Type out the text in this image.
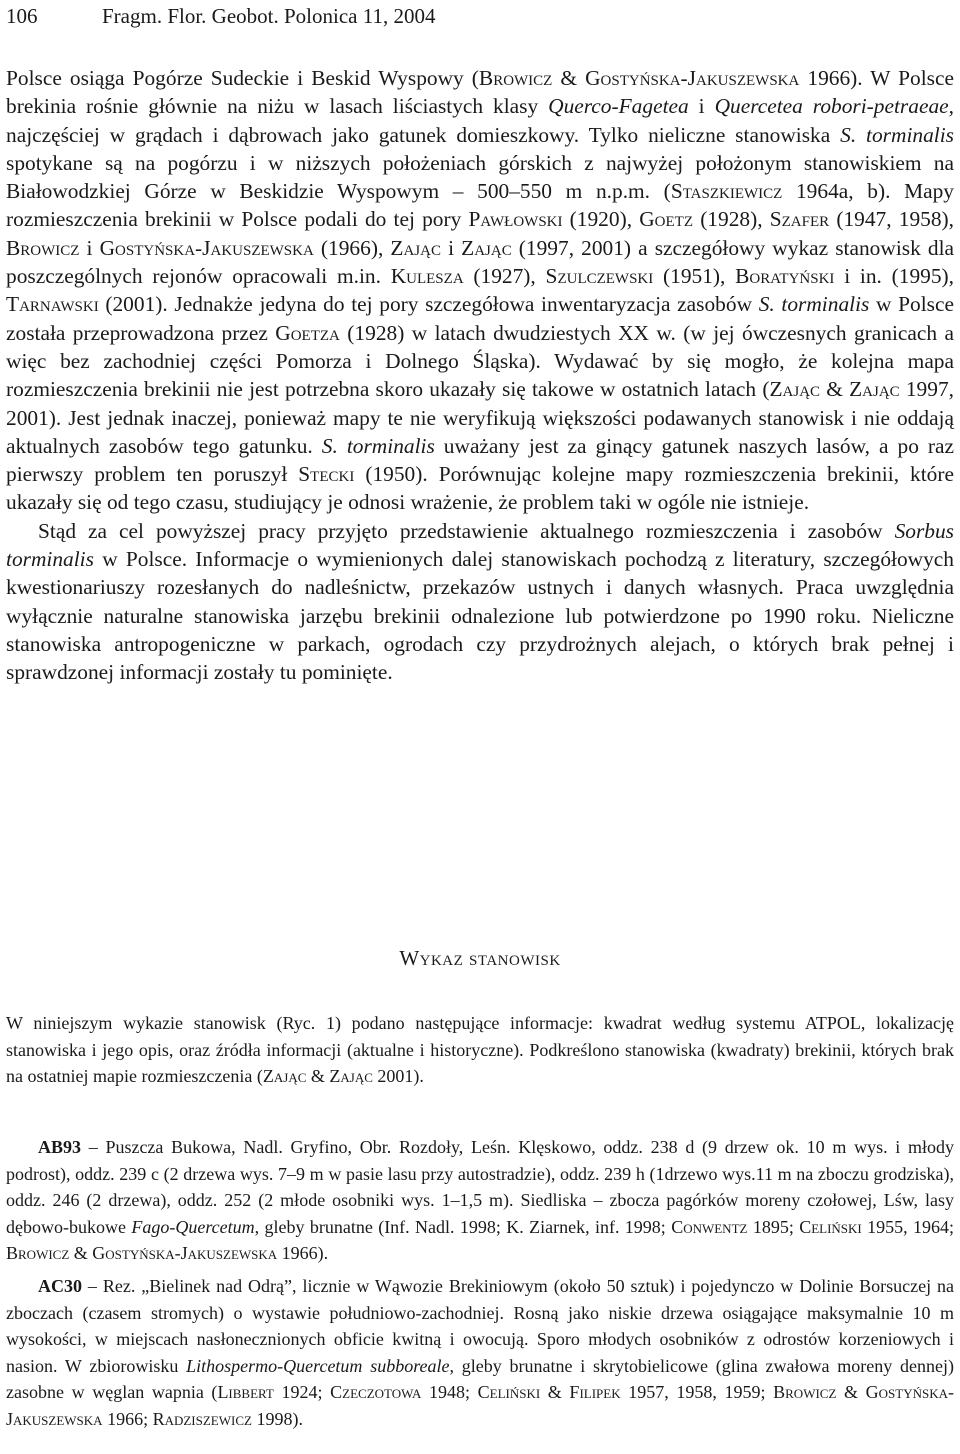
106	Fragm. Flor. Geobot. Polonica 11, 2004

Polsce osiąga Pogórze Sudeckie i Beskid Wyspowy (Browicz & Gostyńska-Jakuszewska 1966). W Polsce brekinia rośnie głównie na niżu w lasach liściastych klasy Querco-Fagetea i Quercetea robori-petraeae, najczęściej w grądach i dąbrowach jako gatunek domieszkowy. Tylko nieliczne stanowiska S. torminalis spotykane są na pogórzu i w niższych położeniach górskich z najwyżej położonym stanowiskiem na Białowodzkiej Górze w Beskidzie Wyspowym – 500–550 m n.p.m. (Staszkiewicz 1964a, b). Mapy rozmieszczenia brekinii w Polsce podali do tej pory Pawłowski (1920), Goetz (1928), Szafer (1947, 1958), Browicz i Gostyńska-Jakuszewska (1966), Zając i Zając (1997, 2001) a szczegółowy wykaz stanowisk dla poszczególnych rejonów opracowali m.in. Kulesza (1927), Szulczewski (1951), Boratyński i in. (1995), Tarnawski (2001). Jednakże jedyna do tej pory szczegółowa inwentaryzacja zasobów S. torminalis w Polsce została przeprowadzona przez Goetza (1928) w latach dwudziestych XX w. (w jej ówczesnych granicach a więc bez zachodniej części Pomorza i Dolnego Śląska). Wydawać by się mogło, że kolejna mapa rozmieszczenia brekinii nie jest potrzebna skoro ukazały się takowe w ostatnich latach (Zając & Zając 1997, 2001). Jest jednak inaczej, ponieważ mapy te nie weryfikują większości podawanych stanowisk i nie oddają aktualnych zasobów tego gatunku. S. torminalis uważany jest za ginący gatunek naszych lasów, a po raz pierwszy problem ten poruszył Stecki (1950). Porównując kolejne mapy rozmieszczenia brekinii, które ukazały się od tego czasu, studiujący je odnosi wrażenie, że problem taki w ogóle nie istnieje.

Stąd za cel powyższej pracy przyjęto przedstawienie aktualnego rozmieszczenia i zasobów Sorbus torminalis w Polsce. Informacje o wymienionych dalej stanowiskach pochodzą z literatury, szczegółowych kwestionariuszy rozesłanych do nadleśnictw, przekazów ustnych i danych własnych. Praca uwzględnia wyłącznie naturalne stanowiska jarzębu brekinii odnalezione lub potwierdzone po 1990 roku. Nieliczne stanowiska antropogeniczne w parkach, ogrodach czy przydrożnych alejach, o których brak pełnej i sprawdzonej informacji zostały tu pominięte.

Wykaz stanowisk

W niniejszym wykazie stanowisk (Ryc. 1) podano następujące informacje: kwadrat według systemu ATPOL, lokalizację stanowiska i jego opis, oraz źródła informacji (aktualne i historyczne). Podkreślono stanowiska (kwadraty) brekinii, których brak na ostatniej mapie rozmieszczenia (Zając & Zając 2001).

AB93 – Puszcza Bukowa, Nadl. Gryfino, Obr. Rozdoły, Leśn. Klęskowo, oddz. 238 d (9 drzew ok. 10 m wys. i młody podrost), oddz. 239 c (2 drzewa wys. 7–9 m w pasie lasu przy autostradzie), oddz. 239 h (1drzewo wys.11 m na zboczu grodziska), oddz. 246 (2 drzewa), oddz. 252 (2 młode osobniki wys. 1–1,5 m). Siedliska – zbocza pagórków moreny czołowej, Lśw, lasy dębowo-bukowe Fago-Quercetum, gleby brunatne (Inf. Nadl. 1998; K. Ziarnek, inf. 1998; Conwentz 1895; Celiński 1955, 1964; Browicz & Gostyńska-Jakuszewska 1966).

AC30 – Rez. „Bielinek nad Odrą”, licznie w Wąwozie Brekiniowym (około 50 sztuk) i pojedynczo w Dolinie Borsuczej na zboczach (czasem stromych) o wystawie południowo-zachodniej. Rosną jako niskie drzewa osiągające maksymalnie 10 m wysokości, w miejscach nasłonecznionych obficie kwitną i owocują. Sporo młodych osobników z odrostów korzeniowych i nasion. W zbiorowisku Lithospermo-Quercetum subboreale, gleby brunatne i skrytobielicowe (glina zwałowa moreny dennej) zasobne w węglan wapnia (Libbert 1924; Czeczotowa 1948; Celiński & Filipek 1957, 1958, 1959; Browicz & Gostyńska-Jakuszewska 1966; Radziszewicz 1998).
